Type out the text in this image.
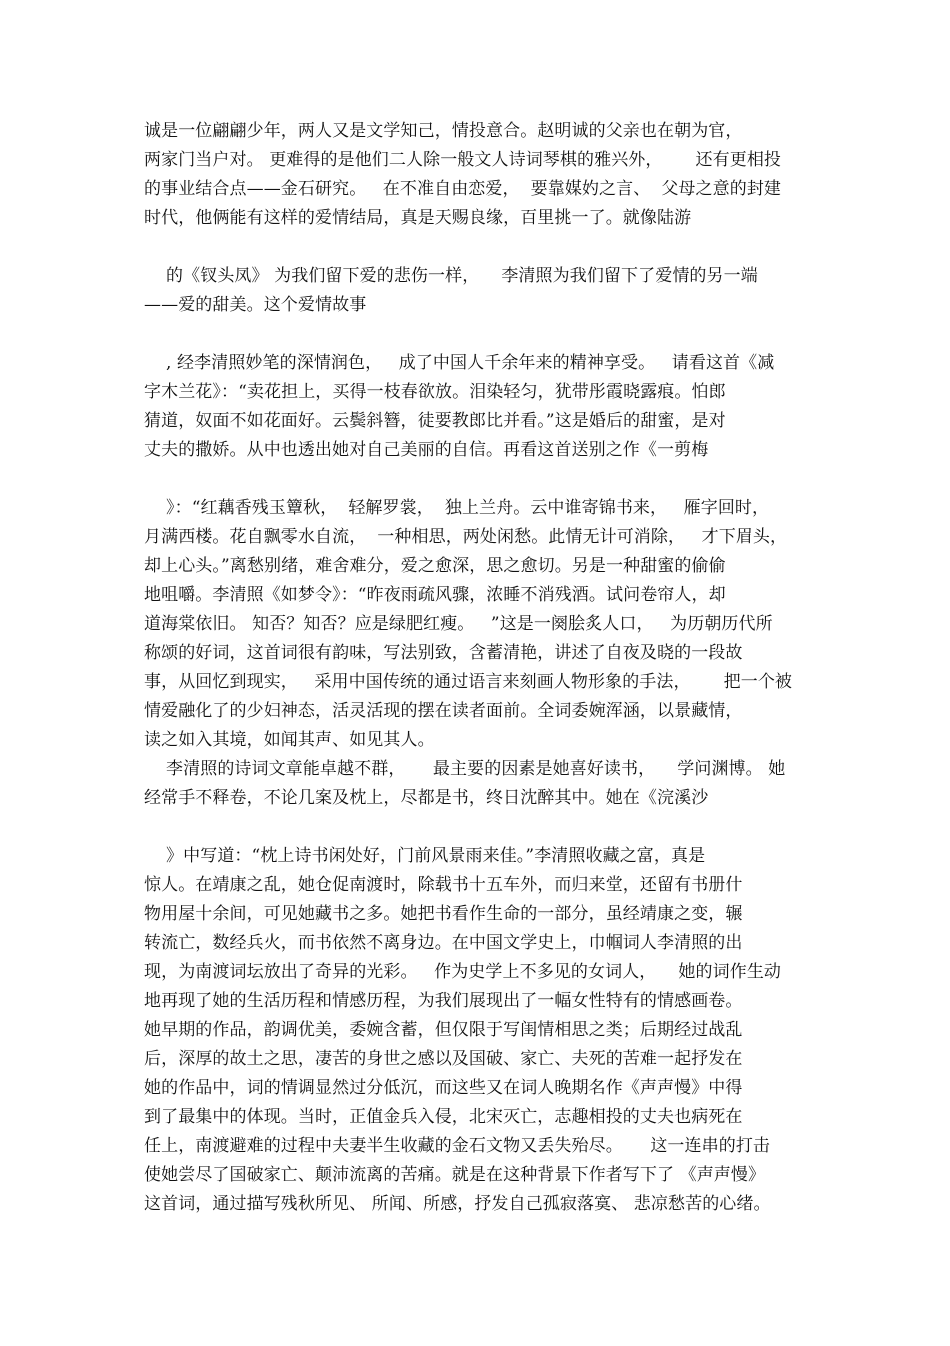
诚是一位翩翩少年，两人又是文学知己，情投意合。赵明诚的父亲也在朝为官，
两家门当户对。 更难得的是他们二人除一般文人诗词琴棋的雅兴外，      还有更相投
的事业结合点——金石研究。   在不准自由恋爱，  要靠媒妁之言、  父母之意的封建
时代，他俩能有这样的爱情结局，真是天赐良缘，百里挑一了。就像陆游
的《钗头凤》 为我们留下爱的悲伤一样，    李清照为我们留下了爱情的另一端
——爱的甜美。这个爱情故事
, 经李清照妙笔的深情润色，   成了中国人千余年来的精神享受。   请看这首《减
字木兰花》：“卖花担上，买得一枝春欲放。泪染轻匀，犹带彤霞晓露痕。怕郎
猜道，奴面不如花面好。云鬓斜簪，徒要教郎比并看。”这是婚后的甜蜜，是对
丈夫的撒娇。从中也透出她对自己美丽的自信。再看这首送别之作《一剪梅
》：“红藕香残玉簟秋，  轻解罗裳，  独上兰舟。云中谁寄锦书来，   雁字回时，
月满西楼。花自飘零水自流，  一种相思，两处闲愁。此情无计可消除，   才下眉头，
却上心头。”离愁别绪，难舍难分，爱之愈深，思之愈切。另是一种甜蜜的偷偷
地咀嚼。李清照《如梦令》：“昨夜雨疏风骤，浓睡不消残酒。试问卷帘人，却
道海棠依旧。 知否？知否？应是绿肥红瘦。   ”这是一阕脍炙人口，   为历朝历代所
称颂的好词，这首词很有韵味，写法别致，含蓄清艳，讲述了自夜及晓的一段故
事，从回忆到现实，   采用中国传统的通过语言来刻画人物形象的手法，      把一个被
情爱融化了的少妇神态，活灵活现的摆在读者面前。全词委婉浑涵，以景藏情，
读之如入其境，如闻其声、如见其人。
李清照的诗词文章能卓越不群，     最主要的因素是她喜好读书，    学问渊博。 她
经常手不释卷，不论几案及枕上，尽都是书，终日沈醉其中。她在《浣溪沙
》中写道：“枕上诗书闲处好，门前风景雨来佳。”李清照收藏之富，真是
惊人。在靖康之乱，她仓促南渡时，除载书十五车外，而归来堂，还留有书册什
物用屋十余间，可见她藏书之多。她把书看作生命的一部分，虽经靖康之变，辗
转流亡，数经兵火，而书依然不离身边。在中国文学史上，巾帼词人李清照的出
现，为南渡词坛放出了奇异的光彩。   作为史学上不多见的女词人，    她的词作生动
地再现了她的生活历程和情感历程，为我们展现出了一幅女性特有的情感画卷。
她早期的作品，韵调优美，委婉含蓄，但仅限于写闺情相思之类；后期经过战乱
后，深厚的故土之思，凄苦的身世之感以及国破、家亡、夫死的苦难一起抒发在
她的作品中，词的情调显然过分低沉，而这些又在词人晚期名作《声声慢》中得
到了最集中的体现。当时，正值金兵入侵，北宋灭亡，志趣相投的丈夫也病死在
任上，南渡避难的过程中夫妻半生收藏的金石文物又丢失殆尽。     这一连串的打击
使她尝尽了国破家亡、颠沛流离的苦痛。就是在这种背景下作者写下了 《声声慢》
这首词，通过描写残秋所见、 所闻、所感，抒发自己孤寂落寞、 悲凉愁苦的心绪。
